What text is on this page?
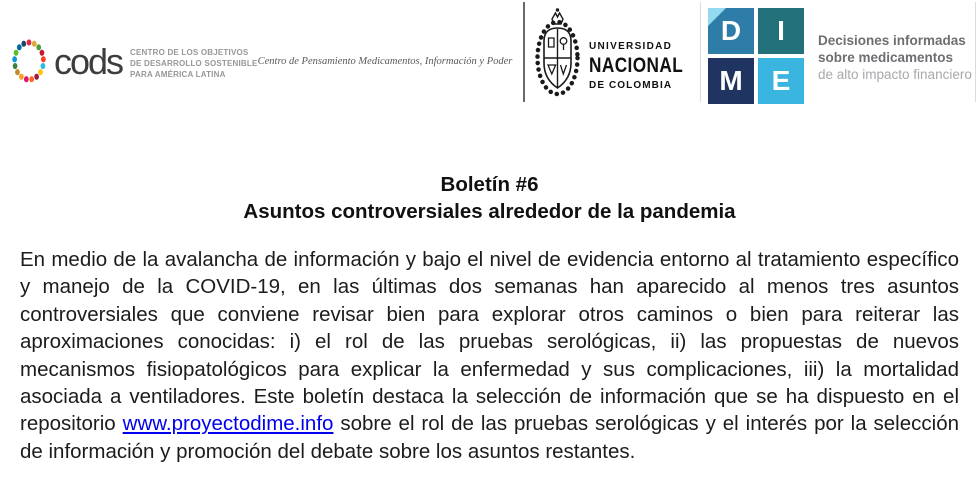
cods CENTRO DE LOS OBJETIVOS
DE DESARROLLO SOSTENIBLE
PARA AMÉRICA LATINA
Centro de Pensamiento Medicamentos, Información y Poder
UNIVERSIDAD
NACIONAL
DE COLOMBIA
D I
M E
Decisiones informadas
sobre medicamentos
de alto impacto financiero
Boletín #6
Asuntos controversiales alrededor de la pandemia
En medio de la avalancha de información y bajo el nivel de evidencia entorno al tratamiento específico y manejo de la COVID-19, en las últimas dos semanas han aparecido al menos tres asuntos controversiales que conviene revisar bien para explorar otros caminos o bien para reiterar las aproximaciones conocidas: i) el rol de las pruebas serológicas, ii) las propuestas de nuevos mecanismos fisiopatológicos para explicar la enfermedad y sus complicaciones, iii) la mortalidad asociada a ventiladores. Este boletín destaca la selección de información que se ha dispuesto en el repositorio www.proyectodime.info sobre el rol de las pruebas serológicas y el interés por la selección de información y promoción del debate sobre los asuntos restantes.
